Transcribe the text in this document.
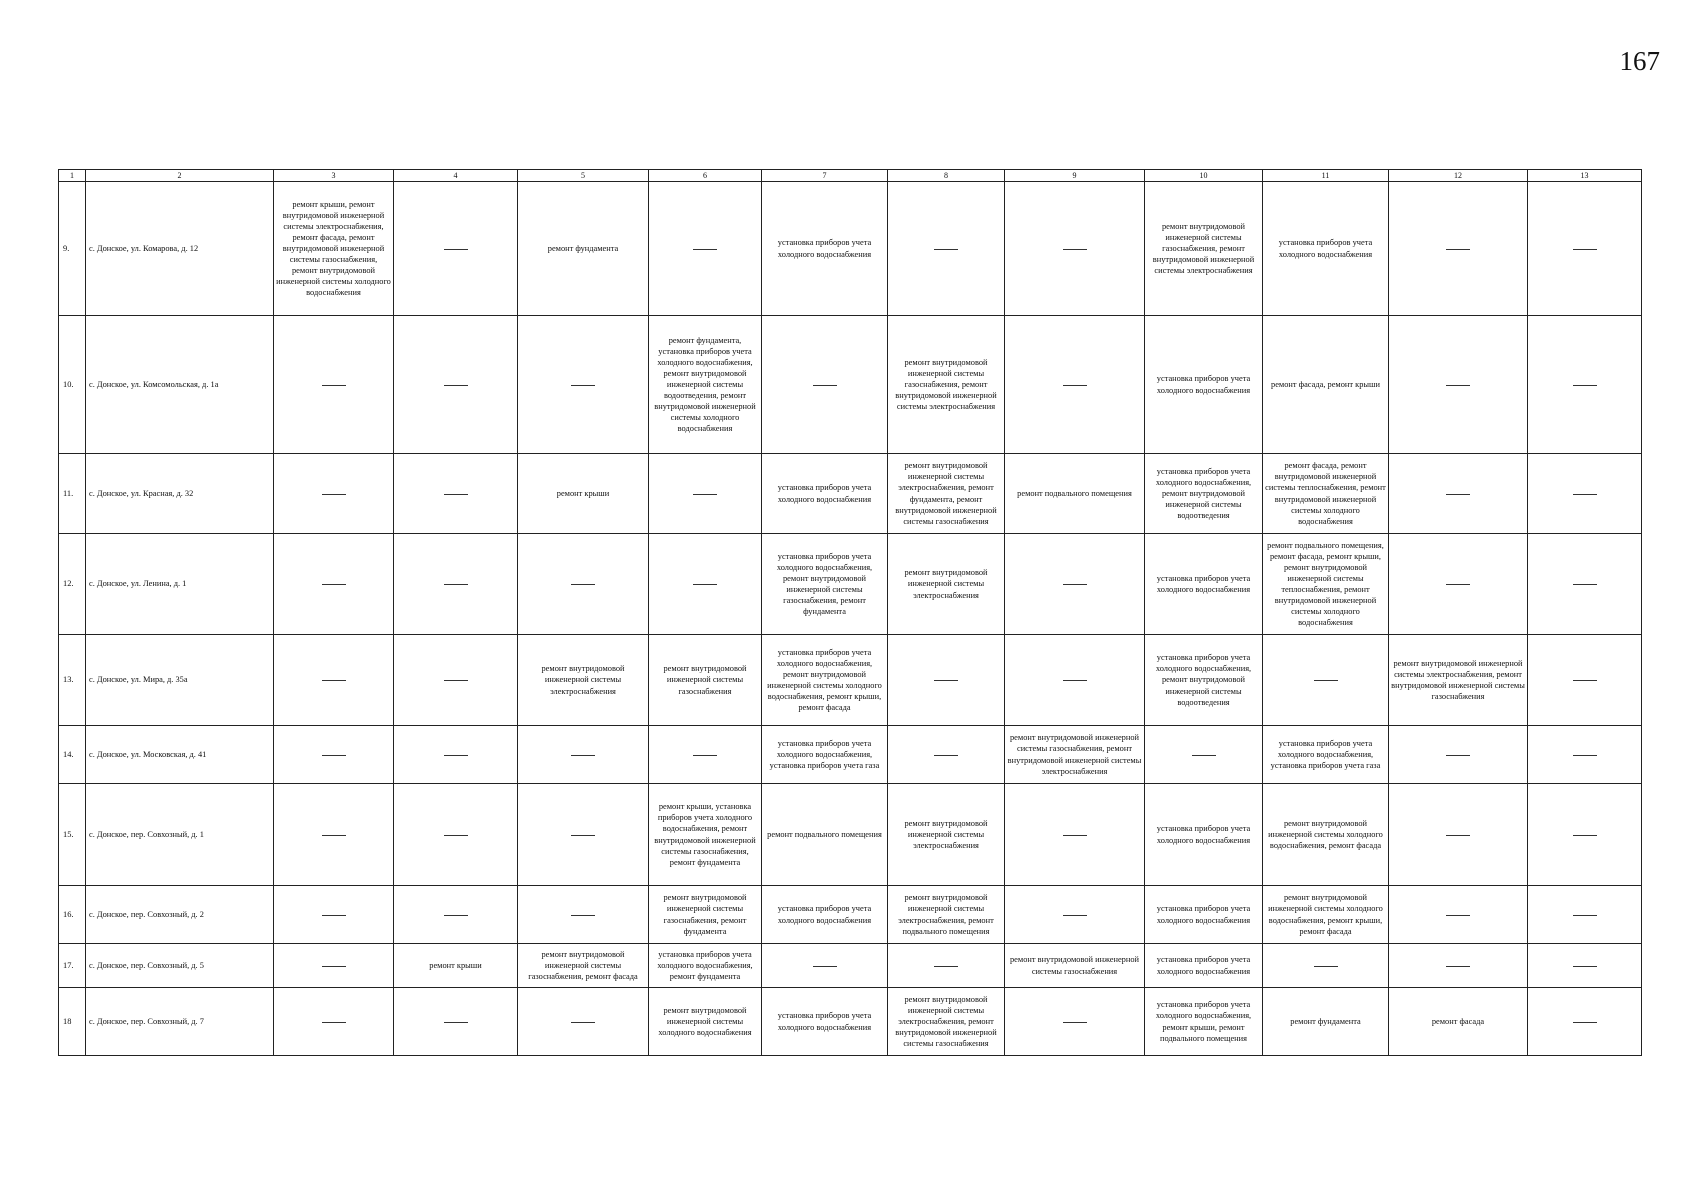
167
1	2	3	4	5	6	7	8	9	10	11	12	13
9.	с. Донское, ул. Комарова, д. 12	ремонт крыши, ремонт внутридомовой инженерной системы электроснабжения, ремонт фасада, ремонт внутридомовой инженерной системы газоснабжения, ремонт внутридомовой инженерной системы холодного водоснабжения		ремонт фундамента		установка приборов учета холодного водоснабжения			ремонт внутридомовой инженерной системы газоснабжения, ремонт внутридомовой инженерной системы электроснабжения	установка приборов учета холодного водоснабжения		
10.	с. Донское, ул. Комсомольская, д. 1а				ремонт фундамента, установка приборов учета холодного водоснабжения, ремонт внутридомовой инженерной системы водоотведения, ремонт внутридомовой инженерной системы холодного водоснабжения		ремонт внутридомовой инженерной системы газоснабжения, ремонт внутридомовой инженерной системы электроснабжения		установка приборов учета холодного водоснабжения	ремонт фасада, ремонт крыши		
11.	с. Донское, ул. Красная, д. 32			ремонт крыши		установка приборов учета холодного водоснабжения	ремонт внутридомовой инженерной системы электроснабжения, ремонт фундамента, ремонт внутридомовой инженерной системы газоснабжения	ремонт подвального помещения	установка приборов учета холодного водоснабжения, ремонт внутридомовой инженерной системы водоотведения	ремонт фасада, ремонт внутридомовой инженерной системы теплоснабжения, ремонт внутридомовой инженерной системы холодного водоснабжения		
12.	с. Донское, ул. Ленина, д. 1					установка приборов учета холодного водоснабжения, ремонт внутридомовой инженерной системы газоснабжения, ремонт фундамента	ремонт внутридомовой инженерной системы электроснабжения		установка приборов учета холодного водоснабжения	ремонт подвального помещения, ремонт фасада, ремонт крыши, ремонт внутридомовой инженерной системы теплоснабжения, ремонт внутридомовой инженерной системы холодного водоснабжения		
13.	с. Донское, ул. Мира, д. 35а			ремонт внутридомовой инженерной системы электроснабжения	ремонт внутридомовой инженерной системы газоснабжения	установка приборов учета холодного водоснабжения, ремонт внутридомовой инженерной системы холодного водоснабжения, ремонт крыши, ремонт фасада			установка приборов учета холодного водоснабжения, ремонт внутридомовой инженерной системы водоотведения		ремонт внутридомовой инженерной системы электроснабжения, ремонт внутридомовой инженерной системы газоснабжения	
14.	с. Донское, ул. Московская, д. 41					установка приборов учета холодного водоснабжения, установка приборов учета газа		ремонт внутридомовой инженерной системы газоснабжения, ремонт внутридомовой инженерной системы электроснабжения		установка приборов учета холодного водоснабжения, установка приборов учета газа		
15.	с. Донское, пер. Совхозный, д. 1				ремонт крыши, установка приборов учета холодного водоснабжения, ремонт внутридомовой инженерной системы газоснабжения, ремонт фундамента	ремонт подвального помещения	ремонт внутридомовой инженерной системы электроснабжения		установка приборов учета холодного водоснабжения	ремонт внутридомовой инженерной системы холодного водоснабжения, ремонт фасада		
16.	с. Донское, пер. Совхозный, д. 2				ремонт внутридомовой инженерной системы газоснабжения, ремонт фундамента	установка приборов учета холодного водоснабжения	ремонт внутридомовой инженерной системы электроснабжения, ремонт подвального помещения		установка приборов учета холодного водоснабжения	ремонт внутридомовой инженерной системы холодного водоснабжения, ремонт крыши, ремонт фасада		
17.	с. Донское, пер. Совхозный, д. 5		ремонт крыши	ремонт внутридомовой инженерной системы газоснабжения, ремонт фасада	установка приборов учета холодного водоснабжения, ремонт фундамента			ремонт внутридомовой инженерной системы газоснабжения	установка приборов учета холодного водоснабжения			
18	с. Донское, пер. Совхозный, д. 7				ремонт внутридомовой инженерной системы холодного водоснабжения	установка приборов учета холодного водоснабжения	ремонт внутридомовой инженерной системы электроснабжения, ремонт внутридомовой инженерной системы газоснабжения		установка приборов учета холодного водоснабжения, ремонт крыши, ремонт подвального помещения	ремонт фундамента	ремонт фасада	
